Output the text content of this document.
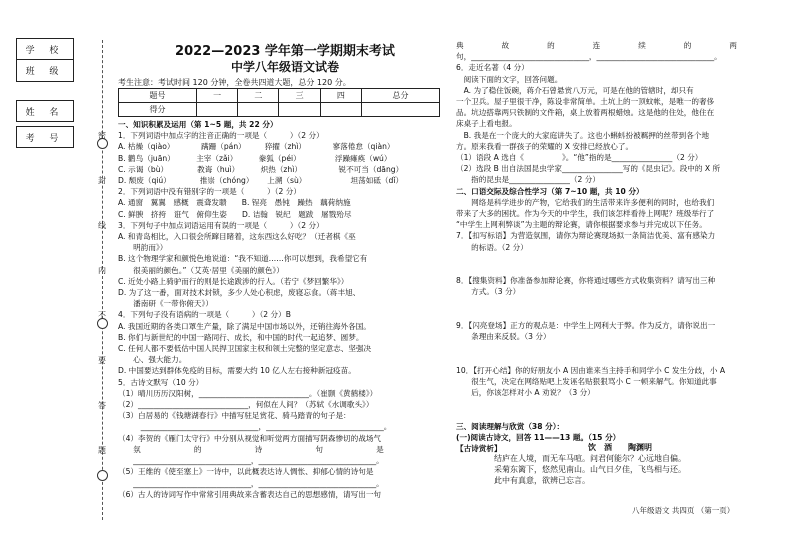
学 校
班 级
姓 名
考 号	密
封
线
内
不
要
答
题
2022—2023 学年第一学期期末考试
中学八年级语文试卷
考生注意：考试时间 120 分钟，全卷共四道大题，总分 120 分。
题号	一	二	三	四	总分
得分					

一、知识积累及运用（第 1~5 题，共 22 分）

1．下列词语中加点字的注音正确的一项是（　　　）（2 分）

A. 枯燥（qiào）　　　　蹒跚（pán）　　　猝擢（zhì）　　　　寥落倦怠（qiàn）

B. 鹳鸟（juān）　　　 主宰（zǎi）　　　 豢狐（péi）　　　　　浮躁瘫痪（wú）

C. 示谒（bù）　　　　 教诲（huì）　　　 炽热（zhì）　　　　　 锐不可当（dāng）

D. 颓废（qiú）　　　　 推崇（chóng）　　 上溯（sù）　　　　　　 坦荡如砥（dǐ）

2．下列词语中没有错别字的一项是（　　　）（2 分）

A. 通窗　翼翼　感概　震聋发聩　　B. 锃亮　愚钝　躁热　藕荷纳施

C. 鲜腴　挤挎　诳气　俯仰生姿　　D. 诘翰　锐纪　题跋　屠戮殆尽

3．下列句子中加点词语运用有误的一项是（　　　）（2 分）

A. 和青岛相比，入口很会所蹿目睹着，这东西这么好吃？（迁者棋《巫

　　明韵而》）

B. 这个物理学家和颜悦色地说道：“我不知道……你可以想到，我希望它有

　　很美丽的颜色。”（艾英·居里《美丽的颜色》）

C. 近处小路上骑驴而行的则是长途跋涉的行人。（若宁《梦回繁华》）

D. 为了这一番，面对技术封锁，多少人处心积虑，废寝忘食。（蒋丰旭、

　　潘南研《一带你俯天》）

4．下列句子没有语病的一项是（　　　）（2 分）B

A. 我国近期的各类口罩生产量，除了满足中国市场以外，还销往海外各国。

B. 你们与新世纪的中国一路同行、成长，和中国的时代一起追梦、圆梦。

C. 任何人都不要低估中国人民捍卫国家主权和领土完整的坚定意志、坚强决

　　心、强大能力。

D. 中国要达到群体免疫的目标，需要大约 10 亿人左右接种新冠疫苗。

5．古诗文默写（10 分）

（1）晴川历历汉阳树，_____________________________。（崔颢《黄鹤楼》）

（2）_____________________________，何似在人间？（苏轼《水调歌头》）

（3）白居易的《钱塘湖春行》中描写驻足赏花、骑马踏青的句子是：

　　　_______________________________，_______________________________。

（4）李贺的《雁门太守行》中分别从视觉和听觉两方面描写阴森惨切的战场气

　　氛　　　　　　　的　　　　　　　诗　　　　　　　句　　　　　　　是

　　_______________________________，_______________________________。

（5）王维的《使至塞上》一诗中，以此概表达诗人惆怅、抑郁心情的诗句是

　　_______________________________，_______________________________。

（6）古人的诗词写作中常常引用典故来含蓄表达自己的思想感情，请写出一句

典　　　　　故　　　　　的　　　　　连　　　　　续　　　　　的　　　　　两

句，_______________________________，_______________________________。

6．走近名著（4 分）

　阅读下面的文字，回答问题。

　A. 为了稳住饭碗，蒋介石曾悬赏八万元，可是在他的管辖时，却只有

一个卫兵。屋子里很干净，陈设非常简单。土坑上的一顶蚊帐，是唯一的奢侈

品。坑边搭靠两只铁制的文件箱，桌上放着两根蜡烛。这是他的住处，他住在

床桌子上看电报。

　B. 我是在一个庞大的大家庭讲失了。这也小蝌蚪扮被羁押的丝带到各个地

方。原来我看一群孩子的荣耀的 X 安排已经放心了。

（1）语段 A 选自《　　　　　》。“他”指的是________________（2 分）

（2）选段 B 出自法国昆虫学家________________写的《昆虫记》。段中的 X 所

　　指的昆虫是________________（2 分）

二、口语交际及综合性学习（第 7~10 题，共 10 分）

　　网络是科学进步的产物，它给我们的生活带来许多便利的同时，也给我们

带来了大多的困扰。作为今天的中学生，我们该怎样看待上网呢？班级举行了

“中学生上网利弊谈”为主题的辩论赛，请你根据要求参与并完成以下任务。

7．【扣写标语】为营造氛围，请你为辩论赛现场拟一条简洁优美、富有感染力

　　的标语。（2 分）

8．【搜集资料】你准备参加辩论赛，你将通过哪些方式收集资料？请写出三种

　　方式。（3 分）

9．【闪亮登场】正方的观点是：中学生上网利大于弊。作为反方，请你说出一

　　条理由来反驳。（3 分）

10．【打开心结】你的好朋友小 A 因由谁来当主持手和同学小 C 发生分歧，小 A

　　很生气，决定在网络贴吧上发诬名贴狠狠骂小 C 一顿来解气。你知道此事

　　后，你该怎样对小 A 劝说？（3 分）

三、阅读理解与欣赏（38 分）：

(一)阅读古诗文，回答 11——13 题。（15 分）

【古诗赏析】	饮　酒　　陶渊明

结庐在人境，而无车马喧。问君何能尔？心远地自偏。

采菊东篱下，悠然见南山。山气日夕佳，飞鸟相与还。

此中有真意，欲辨已忘言。

八年级语文 共四页 （第一页）
